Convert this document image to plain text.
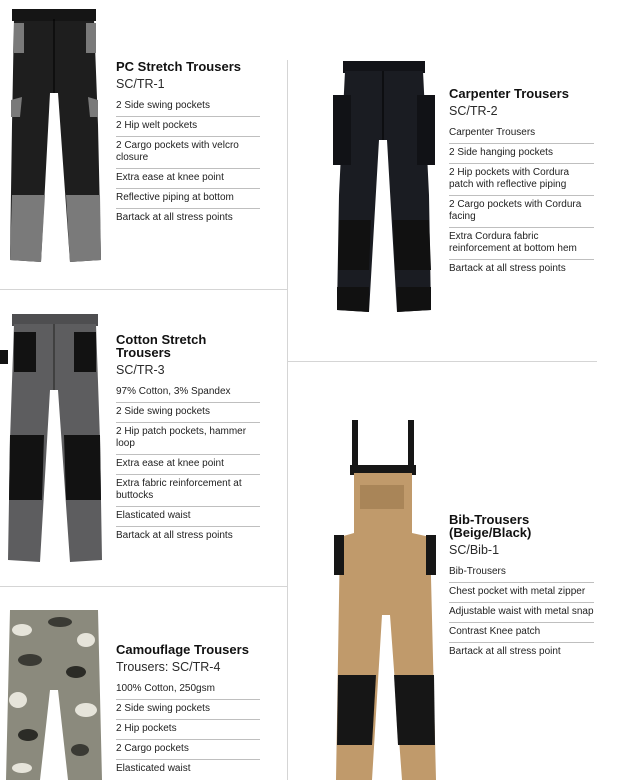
PC Stretch Trousers
SC/TR-1
2 Side swing pockets
2 Hip welt pockets
2 Cargo pockets with velcro closure
Extra ease at knee point
Reflective piping at bottom
Bartack at all stress points
Carpenter Trousers
SC/TR-2
Carpenter Trousers
2 Side hanging pockets
2 Hip pockets with Cordura patch with reflective piping
2 Cargo pockets with Cordura facing
Extra Cordura fabric reinforcement at bottom hem
Bartack at all stress points
Cotton Stretch Trousers
SC/TR-3
97% Cotton, 3% Spandex
2 Side swing pockets
2 Hip patch pockets, hammer loop
Extra ease at knee point
Extra fabric reinforcement at buttocks
Elasticated waist
Bartack at all stress points
Bib-Trousers (Beige/Black)
SC/Bib-1
Bib-Trousers
Chest pocket with metal zipper
Adjustable waist with metal snap
Contrast Knee patch
Bartack at all stress point
Camouflage Trousers
Trousers: SC/TR-4
100% Cotton, 250gsm
2 Side swing pockets
2 Hip pockets
2 Cargo pockets
Elasticated waist
